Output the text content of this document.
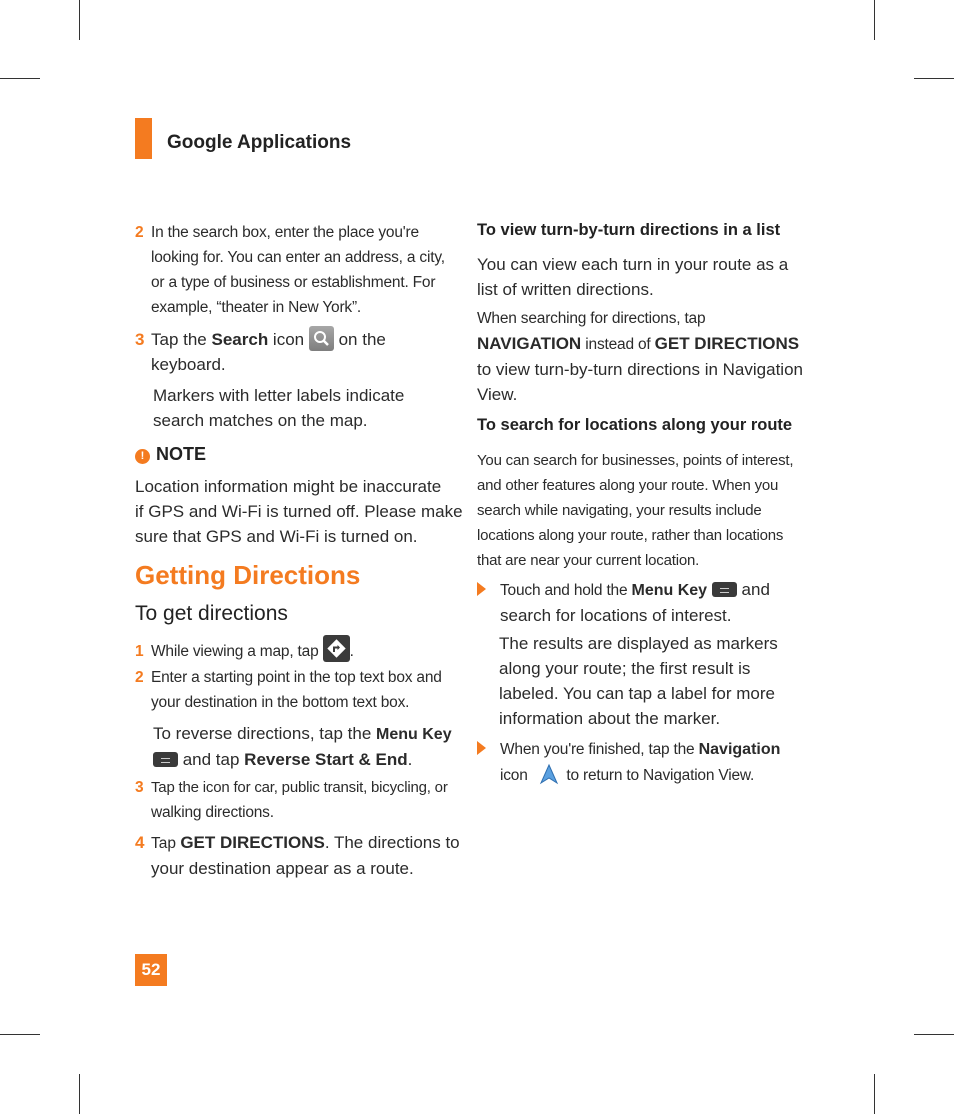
Google Applications
2 In the search box, enter the place you're
looking for. You can enter an address, a city,
or a type of business or establishment. For
example, “theater in New York”.
3 Tap the Search icon  on the
keyboard.
Markers with letter labels indicate
search matches on the map.
! NOTE
Location information might be inaccurate
if GPS and Wi-Fi is turned off. Please make
sure that GPS and Wi-Fi is turned on.
Getting Directions
To get directions
1 While viewing a map, tap .
2 Enter a starting point in the top text box and
your destination in the bottom text box.
To reverse directions, tap the Menu Key
and tap Reverse Start & End.
3 Tap the icon for car, public transit, bicycling, or
walking directions.
4 Tap GET DIRECTIONS. The directions to
your destination appear as a route.
To view turn-by-turn directions in a list
You can view each turn in your route as a
list of written directions.
When searching for directions, tap
NAVIGATION instead of GET DIRECTIONS
to view turn-by-turn directions in Navigation
View.
To search for locations along your route
You can search for businesses, points of interest,
and other features along your route. When you
search while navigating, your results include
locations along your route, rather than locations
that are near your current location.
Touch and hold the Menu Key  and
search for locations of interest.
The results are displayed as markers
along your route; the first result is
labeled. You can tap a label for more
information about the marker.
When you're finished, tap the Navigation
icon to return to Navigation View.
52
